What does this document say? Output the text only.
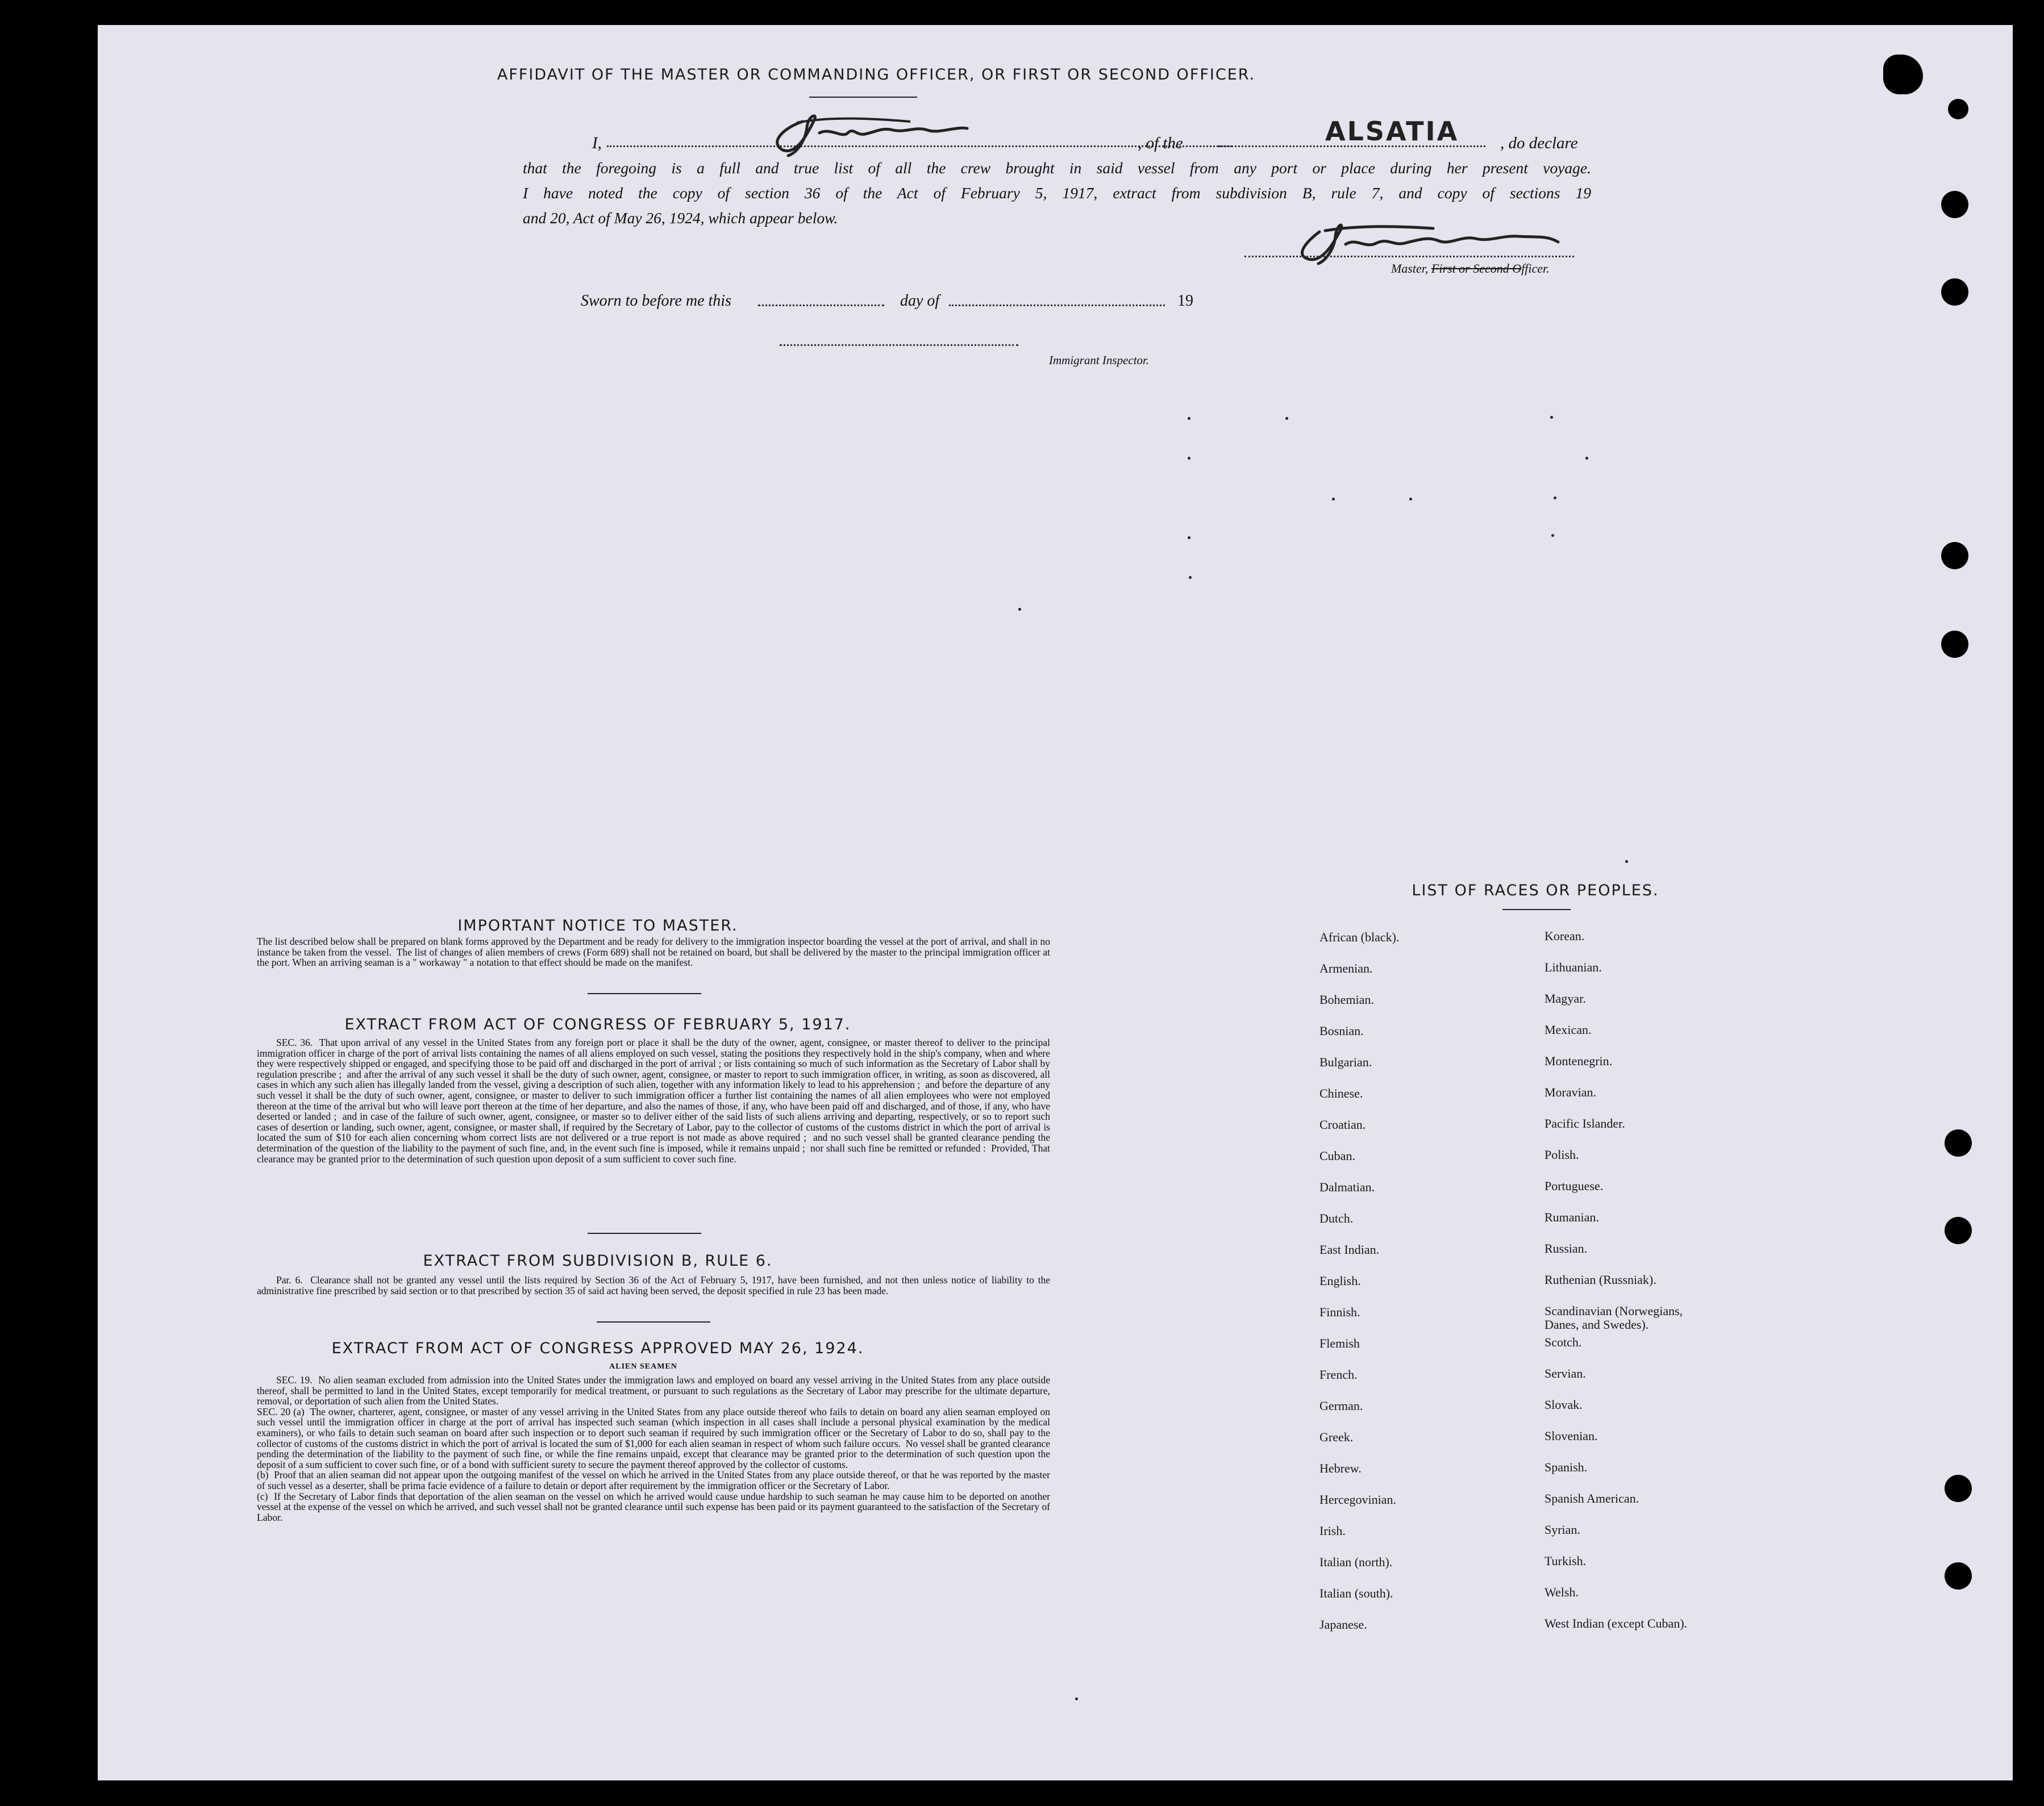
AFFIDAVIT OF THE MASTER OR COMMANDING OFFICER, OR FIRST OR SECOND OFFICER.
I,	, of the	ALSATIA	, do declare
that the foregoing is a full and true list of all the crew brought in said vessel from any port or place during her present voyage.
I have noted the copy of section 36 of the Act of February 5, 1917, extract from subdivision B, rule 7, and copy of sections 19
and 20, Act of May 26, 1924, which appear below.
Master, First or Second Officer.
Sworn to before me this	day of	19
Immigrant Inspector.
IMPORTANT NOTICE TO MASTER.

The list described below shall be prepared on blank forms approved by the Department and be ready for delivery to the immigration inspector boarding the vessel at the port of arrival, and shall in no instance be taken from the vessel.  The list of changes of alien members of crews (Form 689) shall not be retained on board, but shall be delivered by the master to the principal immigration officer at the port. When an arriving seaman is a " workaway " a notation to that effect should be made on the manifest.

EXTRACT FROM ACT OF CONGRESS OF FEBRUARY 5, 1917.

SEC. 36.  That upon arrival of any vessel in the United States from any foreign port or place it shall be the duty of the owner, agent, consignee, or master thereof to deliver to the principal immigration officer in charge of the port of arrival lists containing the names of all aliens employed on such vessel, stating the positions they respectively hold in the ship's company, when and where they were respectively shipped or engaged, and specifying those to be paid off and discharged in the port of arrival ; or lists containing so much of such information as the Secretary of Labor shall by regulation prescribe ;  and after the arrival of any such vessel it shall be the duty of such owner, agent, consignee, or master to report to such immigration officer, in writing, as soon as discovered, all cases in which any such alien has illegally landed from the vessel, giving a description of such alien, together with any information likely to lead to his apprehension ;  and before the departure of any such vessel it shall be the duty of such owner, agent, consignee, or master to deliver to such immigration officer a further list containing the names of all alien employees who were not employed thereon at the time of the arrival but who will leave port thereon at the time of her departure, and also the names of those, if any, who have been paid off and discharged, and of those, if any, who have deserted or landed ;  and in case of the failure of such owner, agent, consignee, or master so to deliver either of the said lists of such aliens arriving and departing, respectively, or so to report such cases of desertion or landing, such owner, agent, consignee, or master shall, if required by the Secretary of Labor, pay to the collector of customs of the customs district in which the port of arrival is located the sum of $10 for each alien concerning whom correct lists are not delivered or a true report is not made as above required ;  and no such vessel shall be granted clearance pending the determination of the question of the liability to the payment of such fine, and, in the event such fine is imposed, while it remains unpaid ;  nor shall such fine be remitted or refunded :  Provided, That clearance may be granted prior to the determination of such question upon deposit of a sum sufficient to cover such fine.

EXTRACT FROM SUBDIVISION B, RULE 6.

Par. 6.  Clearance shall not be granted any vessel until the lists required by Section 36 of the Act of February 5, 1917, have been furnished, and not then unless notice of liability to the administrative fine prescribed by said section or to that prescribed by section 35 of said act having been served, the deposit specified in rule 23 has been made.

EXTRACT FROM ACT OF CONGRESS APPROVED MAY 26, 1924.
ALIEN SEAMEN

SEC. 19.  No alien seaman excluded from admission into the United States under the immigration laws and employed on board any vessel arriving in the United States from any place outside thereof, shall be permitted to land in the United States, except temporarily for medical treatment, or pursuant to such regulations as the Secretary of Labor may prescribe for the ultimate departure, removal, or deportation of such alien from the United States.
SEC. 20 (a)  The owner, charterer, agent, consignee, or master of any vessel arriving in the United States from any place outside thereof who fails to detain on board any alien seaman employed on such vessel until the immigration officer in charge at the port of arrival has inspected such seaman (which inspection in all cases shall include a personal physical examination by the medical examiners), or who fails to detain such seaman on board after such inspection or to deport such seaman if required by such immigration officer or the Secretary of Labor to do so, shall pay to the collector of customs of the customs district in which the port of arrival is located the sum of $1,000 for each alien seaman in respect of whom such failure occurs.  No vessel shall be granted clearance pending the determination of the liability to the payment of such fine, or while the fine remains unpaid, except that clearance may be granted prior to the determination of such question upon the deposit of a sum sufficient to cover such fine, or of a bond with sufficient surety to secure the payment thereof approved by the collector of customs.
(b)  Proof that an alien seaman did not appear upon the outgoing manifest of the vessel on which he arrived in the United States from any place outside thereof, or that he was reported by the master of such vessel as a deserter, shall be prima facie evidence of a failure to detain or deport after requirement by the immigration officer or the Secretary of Labor.
(c)  If the Secretary of Labor finds that deportation of the alien seaman on the vessel on which he arrived would cause undue hardship to such seaman he may cause him to be deported on another vessel at the expense of the vessel on which he arrived, and such vessel shall not be granted clearance until such expense has been paid or its payment guaranteed to the satisfaction of the Secretary of Labor.

LIST OF RACES OR PEOPLES.
African (black).
Armenian.
Bohemian.
Bosnian.
Bulgarian.
Chinese.
Croatian.
Cuban.
Dalmatian.
Dutch.
East Indian.
English.
Finnish.
Flemish
French.
German.
Greek.
Hebrew.
Hercegovinian.
Irish.
Italian (north).
Italian (south).
Japanese.
Korean.
Lithuanian.
Magyar.
Mexican.
Montenegrin.
Moravian.
Pacific Islander.
Polish.
Portuguese.
Rumanian.
Russian.
Ruthenian (Russniak).
Scandinavian (Norwegians,
Danes, and Swedes).
Scotch.
Servian.
Slovak.
Slovenian.
Spanish.
Spanish American.
Syrian.
Turkish.
Welsh.
West Indian (except Cuban).
